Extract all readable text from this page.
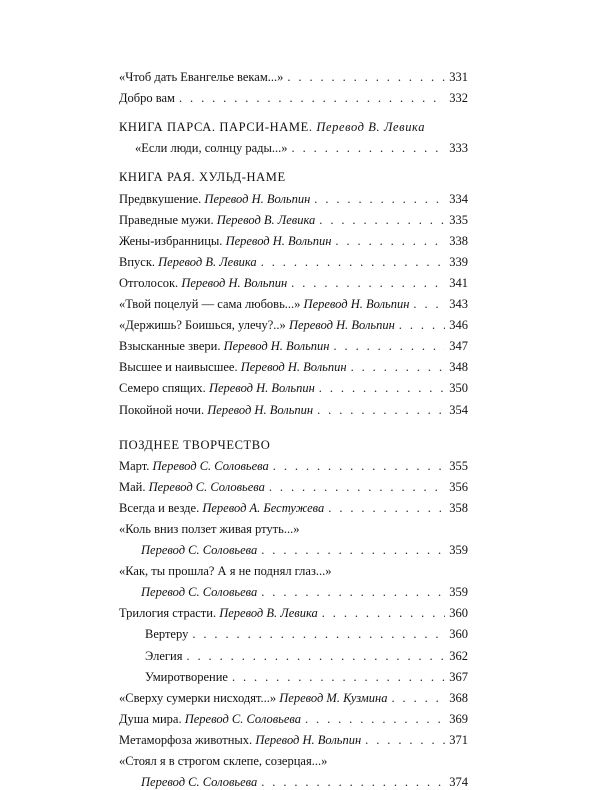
«Чтоб дать Евангелье векам...» . . .	331
Добро вам . . .	332
КНИГА ПАРСА. ПАРСИ-НАМЕ.
Перевод В. Левика
«Если люди, солнцу рады...» . . .	333
КНИГА РАЯ. ХУЛЬД-НАМЕ
Предвкушение. Перевод Н. Вольпин . . .	334
Праведные мужи. Перевод В. Левика . . .	335
Жены-избранницы. Перевод Н. Вольпин . . .	338
Впуск. Перевод В. Левика . . .	339
Отголосок. Перевод Н. Вольпин . . .	341
«Твой поцелуй — сама любовь...» Перевод Н. Вольпин . . .	343
«Держишь? Боишься, улечу?..» Перевод Н. Вольпин . . .	346
Взысканные звери. Перевод Н. Вольпин . . .	347
Высшее и наивысшее. Перевод Н. Вольпин . . .	348
Семеро спящих. Перевод Н. Вольпин . . .	350
Покойной ночи. Перевод Н. Вольпин . . .	354
ПОЗДНЕЕ ТВОРЧЕСТВО
Март. Перевод С. Соловьева . . .	355
Май. Перевод С. Соловьева . . .	356
Всегда и везде. Перевод А. Бестужева . . .	358
«Коль вниз ползет живая ртуть...»
Перевод С. Соловьева . . .	359
«Как, ты прошла? А я не поднял глаз...»
Перевод С. Соловьева . . .	359
Трилогия страсти. Перевод В. Левика . . .	360
Вертеру . . .	360
Элегия . . .	362
Умиротворение . . .	367
«Сверху сумерки нисходят...» Перевод М. Кузмина . . .	368
Душа мира. Перевод С. Соловьева . . .	369
Метаморфоза животных. Перевод Н. Вольпин . . .	371
«Стоял я в строгом склепе, созерцая...»
Перевод С. Соловьева . . .	374
